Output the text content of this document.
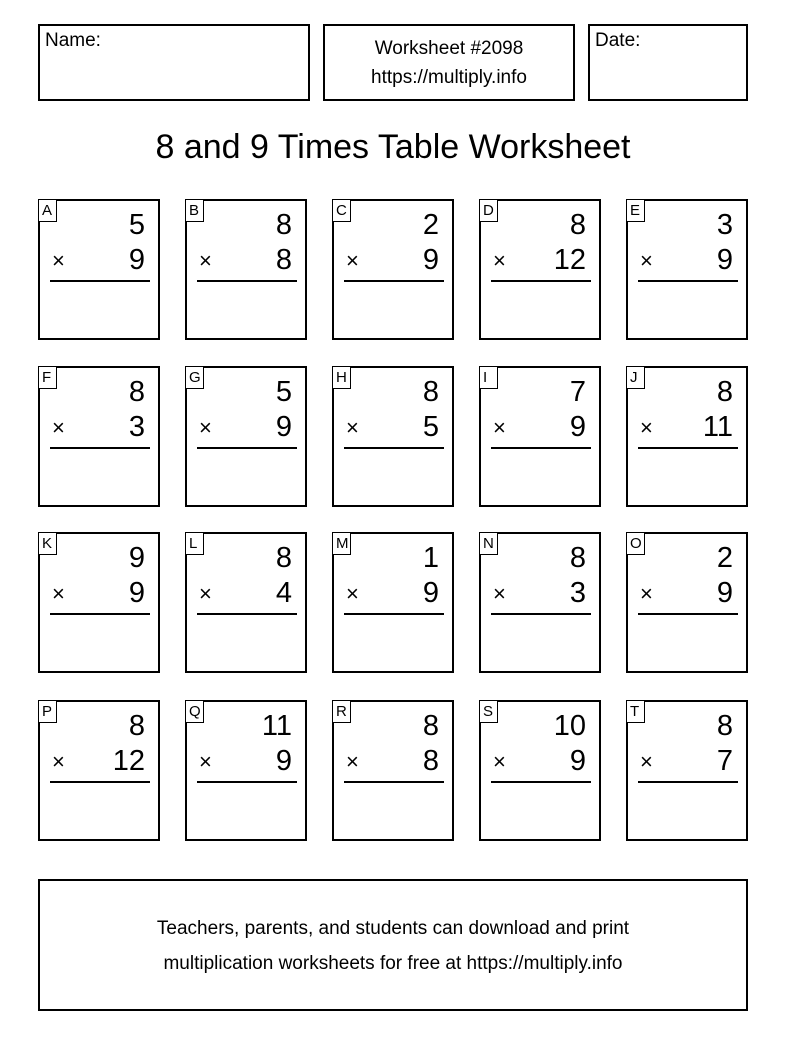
Name:	Worksheet #2098
https://multiply.info
Date:
8 and 9 Times Table Worksheet
A	5
× 9
B	8
× 8
C	2
× 9
D	8
× 12
E	3
× 9
F	8
× 3
G	5
× 9
H	8
× 5
I	7
× 9
J	8
× 11
K	9
× 9
L	8
× 4
M	1
× 9
N	8
× 3
O	2
× 9
P	8
× 12
Q 11
× 9
R	8
× 8
S 10
× 9
T	8
× 7
Teachers, parents, and students can download and print
multiplication worksheets for free at https://multiply.info
